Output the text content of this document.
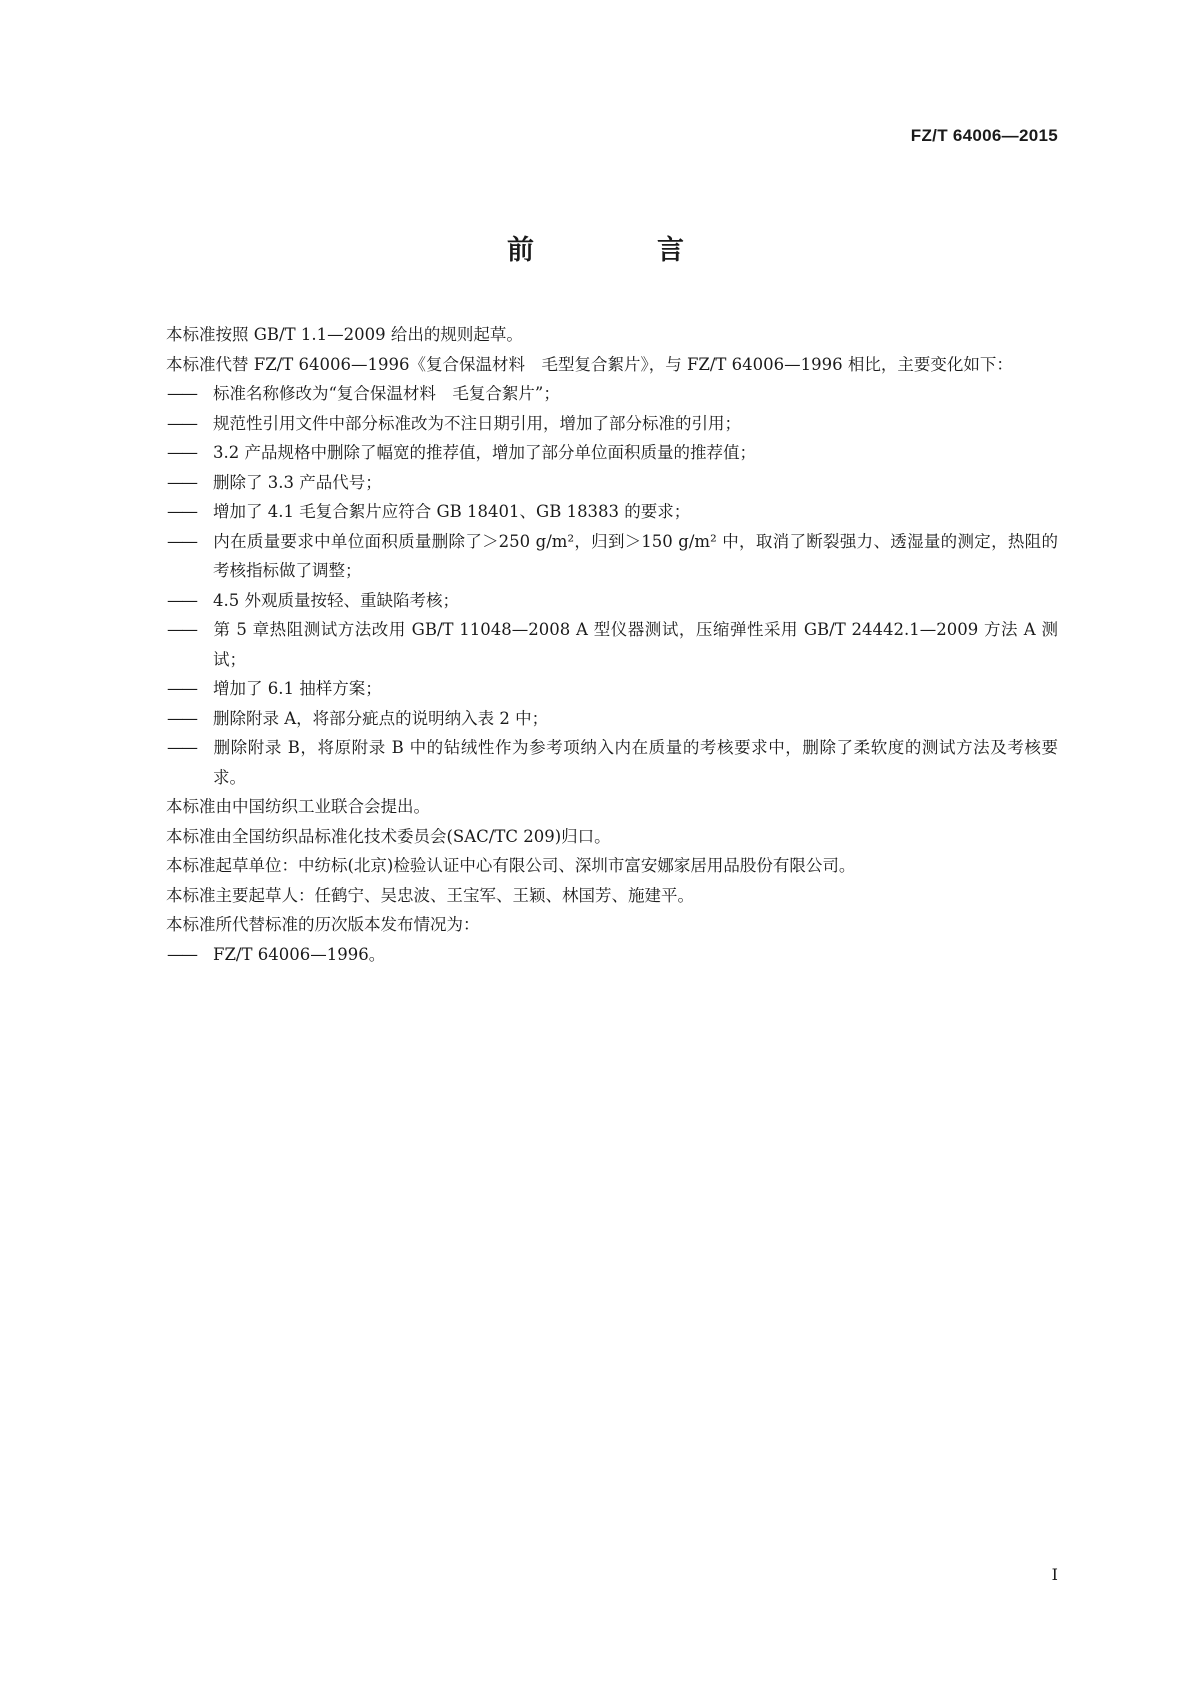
FZ/T 64006—2015
前　言

本标准按照 GB/T 1.1—2009 给出的规则起草。

本标准代替 FZ/T 64006—1996《复合保温材料　毛型复合絮片》，与 FZ/T 64006—1996 相比，主要变化如下：

—— 标准名称修改为“复合保温材料　毛复合絮片”；

—— 规范性引用文件中部分标准改为不注日期引用，增加了部分标准的引用；

—— 3.2 产品规格中删除了幅宽的推荐值，增加了部分单位面积质量的推荐值；

—— 删除了 3.3 产品代号；

—— 增加了 4.1 毛复合絮片应符合 GB 18401、GB 18383 的要求；

—— 内在质量要求中单位面积质量删除了＞250 g/m²，归到＞150 g/m² 中，取消了断裂强力、透湿量的测定，热阻的考核指标做了调整；

—— 4.5 外观质量按轻、重缺陷考核；

—— 第 5 章热阻测试方法改用 GB/T 11048—2008 A 型仪器测试，压缩弹性采用 GB/T 24442.1—2009 方法 A 测试；

—— 增加了 6.1 抽样方案；

—— 删除附录 A，将部分疵点的说明纳入表 2 中；

—— 删除附录 B，将原附录 B 中的钻绒性作为参考项纳入内在质量的考核要求中，删除了柔软度的测试方法及考核要求。

本标准由中国纺织工业联合会提出。

本标准由全国纺织品标准化技术委员会(SAC/TC 209)归口。

本标准起草单位：中纺标(北京)检验认证中心有限公司、深圳市富安娜家居用品股份有限公司。

本标准主要起草人：任鹤宁、吴忠波、王宝军、王颖、林国芳、施建平。

本标准所代替标准的历次版本发布情况为：

—— FZ/T 64006—1996。

I
